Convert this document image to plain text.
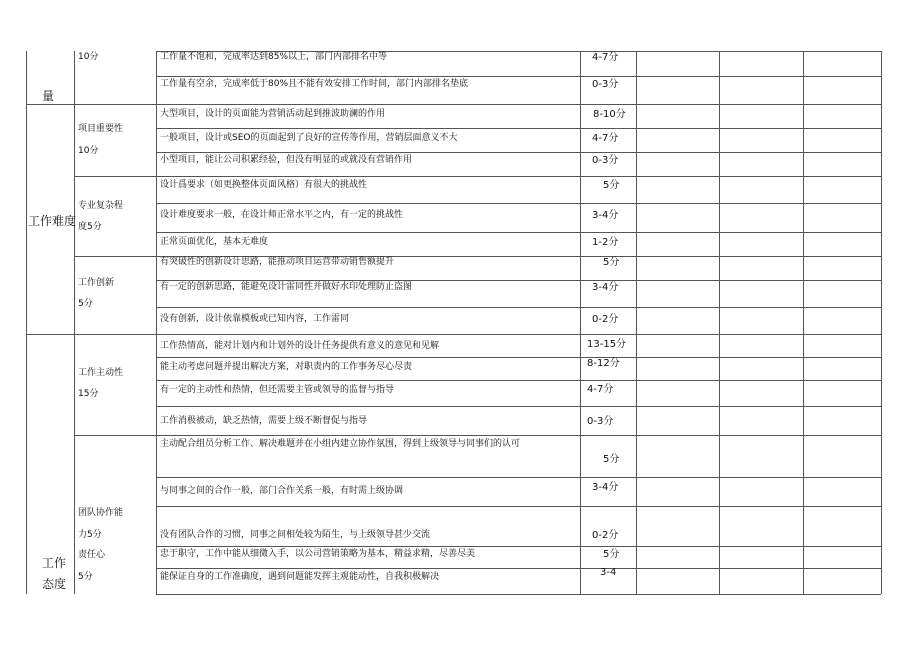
量
工作难度
工作
态度
10分
项目重要性
10分
专业复杂程
度5分
工作创新
5分
工作主动性
15分
团队协作能
力5分
责任心
5分
工作量不饱和，完成率达到85%以上，部门内部排名中等
工作量有空余，完成率低于80%且不能有效安排工作时间，部门内部排名垫底
大型项目，设计的页面能为营销活动起到推波助澜的作用
一般项目，设计或SEO的页面起到了良好的宣传等作用，营销层面意义不大
小型项目，能让公司积累经验，但没有明显的或就没有营销作用
设计爲要求（如更换整体页面风格）有很大的挑战性
设计难度要求一般，在设计师正常水平之内，有一定的挑战性
正常页面优化，基本无难度
有突破性的创新设计思路，能推动项目运营带动销售额提升
有一定的创新思路，能避免设计雷同性并做好水印处理防止盗图
没有创新，设计依靠模板或已知内容，工作雷同
工作热情高，能对计划内和计划外的设计任务提供有意义的意见和见解
能主动考虑问题并提出解决方案，对职责内的工作事务尽心尽责
有一定的主动性和热情，但还需要主管或领导的监督与指导
工作消极被动，缺乏热情，需要上级不断督促与指导
主动配合组员分析工作、解决难题并在小组内建立协作氛围，得到上级领导与同事们的认可
与同事之间的合作一般，部门合作关系一般，有时需上级协调
没有团队合作的习惯，同事之间相处较为陌生，与上级领导甚少交流
忠于职守，工作中能从细微入手，以公司营销策略为基本，精益求精，尽善尽美
能保证自身的工作准确度，遇到问题能发挥主观能动性，自我积极解决
4-7分
0-3分
8-10分
4-7分
0-3分
5分
3-4分
1-2分
5分
3-4分
0-2分
13-15分
8-12分
4-7分
0-3分
5分
3-4分
0-2分
5分
3-4
